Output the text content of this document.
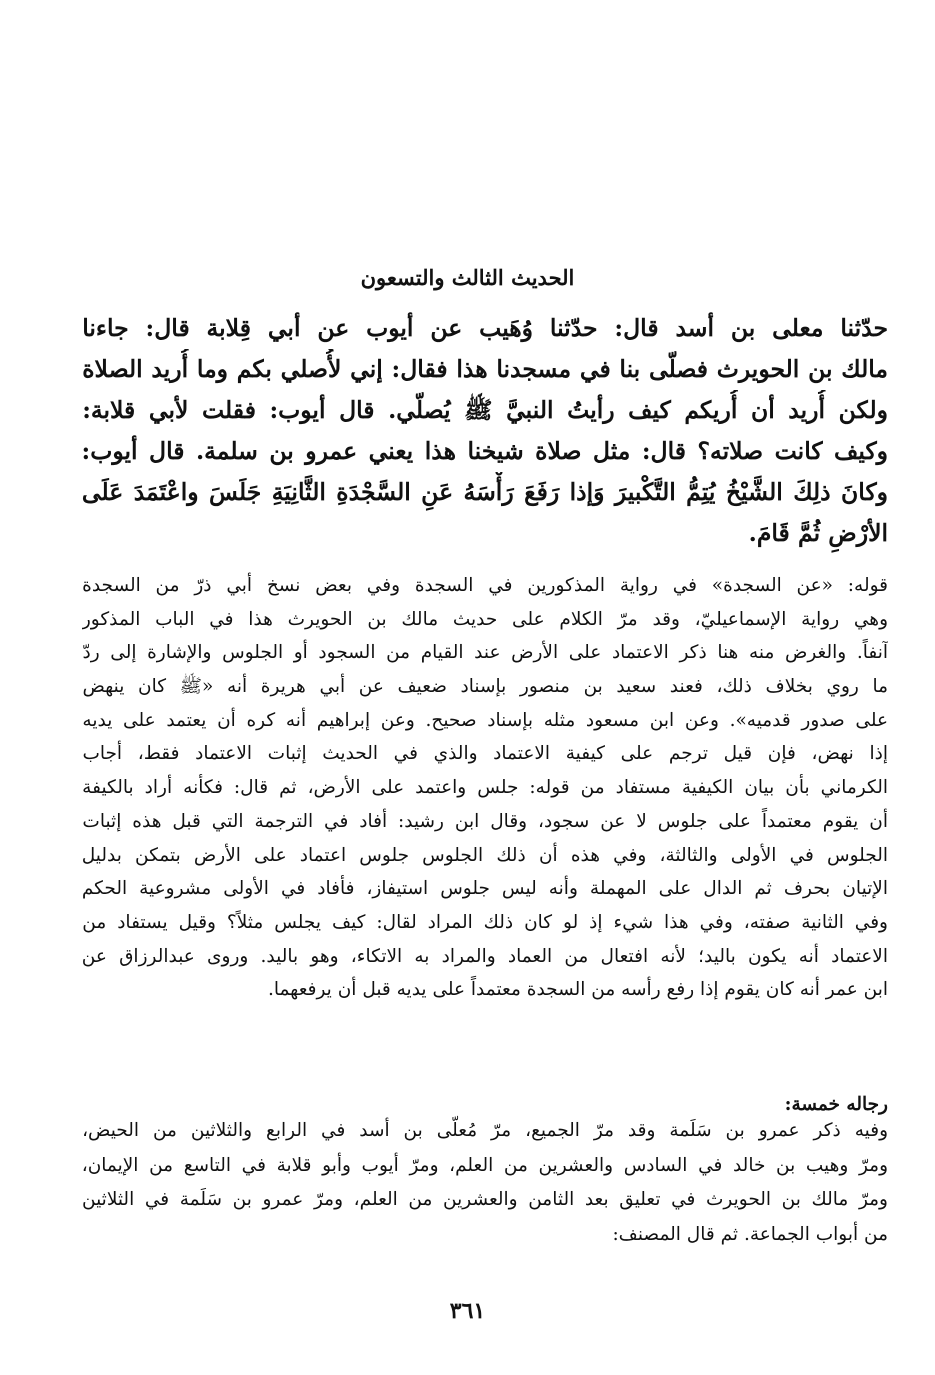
الحديث الثالث والتسعون
حدّثنا معلى بن أسد قال: حدّثنا وُهَيب عن أيوب عن أبي قِلابة قال: جاءنا
مالك بن الحويرث فصلّى بنا في مسجدنا هذا فقال: إني لأُصلي بكم وما أُريد الصلاة
ولكن أُريد أن أُريكم كيف رأيتُ النبيَّ ﷺ يُصلّي. قال أيوب: فقلت لأبي قلابة:
وكيف كانت صلاته؟ قال: مثل صلاة شيخنا هذا يعني عمرو بن سلمة. قال أيوب:
وكانَ ذلِكَ الشَّيْخُ يُتِمُّ التَّكْبيرَ وَإذا رَفَعَ رَأْسَهُ عَنِ السَّجْدَةِ الثَّانِيَةِ جَلَسَ واعْتَمَدَ عَلَى
الأرْضِ ثُمَّ قَامَ.
قوله: «عن السجدة» في رواية المذكورين في السجدة وفي بعض نسخ أبي ذرّ من السجدة
وهي رواية الإسماعيليّ، وقد مرّ الكلام على حديث مالك بن الحويرث هذا في الباب المذكور
آنفاً. والغرض منه هنا ذكر الاعتماد على الأرض عند القيام من السجود أو الجلوس والإشارة إلى ردّ
ما روي بخلاف ذلك، فعند سعيد بن منصور بإسناد ضعيف عن أبي هريرة أنه «ﷺ كان ينهض
على صدور قدميه». وعن ابن مسعود مثله بإسناد صحيح. وعن إبراهيم أنه كره أن يعتمد على يديه
إذا نهض، فإن قيل ترجم على كيفية الاعتماد والذي في الحديث إثبات الاعتماد فقط، أجاب
الكرماني بأن بيان الكيفية مستفاد من قوله: جلس واعتمد على الأرض، ثم قال: فكأنه أراد بالكيفة
أن يقوم معتمداً على جلوس لا عن سجود، وقال ابن رشيد: أفاد في الترجمة التي قبل هذه إثبات
الجلوس في الأولى والثالثة، وفي هذه أن ذلك الجلوس جلوس اعتماد على الأرض بتمكن بدليل
الإتيان بحرف ثم الدال على المهملة وأنه ليس جلوس استيفاز، فأفاد في الأولى مشروعية الحكم
وفي الثانية صفته، وفي هذا شيء إذ لو كان ذلك المراد لقال: كيف يجلس مثلاً؟ وقيل يستفاد من
الاعتماد أنه يكون باليد؛ لأنه افتعال من العماد والمراد به الاتكاء، وهو باليد. وروى عبدالرزاق عن
ابن عمر أنه كان يقوم إذا رفع رأسه من السجدة معتمداً على يديه قبل أن يرفعهما.
رجاله خمسة:
وفيه ذكر عمرو بن سَلَمة وقد مرّ الجميع، مرّ مُعلّى بن أسد في الرابع والثلاثين من الحيض،
ومرّ وهيب بن خالد في السادس والعشرين من العلم، ومرّ أيوب وأبو قلابة في التاسع من الإيمان،
ومرّ مالك بن الحويرث في تعليق بعد الثامن والعشرين من العلم، ومرّ عمرو بن سَلَمة في الثلاثين
من أبواب الجماعة. ثم قال المصنف:
٣٦١
